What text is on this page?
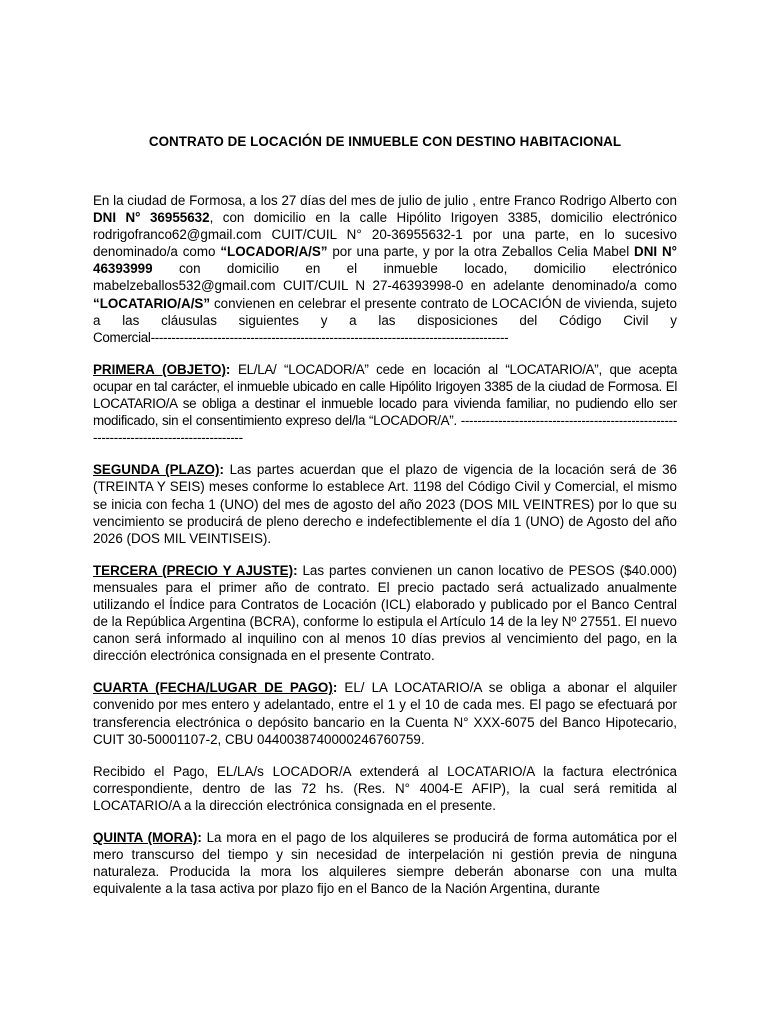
CONTRATO DE LOCACIÓN DE INMUEBLE CON DESTINO HABITACIONAL

En la ciudad de Formosa, a los 27 días del mes de julio de julio , entre Franco Rodrigo Alberto con DNI N° 36955632, con domicilio en la calle Hipólito Irigoyen 3385, domicilio electrónico rodrigofranco62@gmail.com CUIT/CUIL N° 20-36955632-1 por una parte, en lo sucesivo denominado/a como “LOCADOR/A/S” por una parte, y por la otra Zeballos Celia Mabel DNI N° 46393999 con domicilio en el inmueble locado, domicilio electrónico mabelzeballos532@gmail.com CUIT/CUIL N 27-46393998-0 en adelante denominado/a como “LOCATARIO/A/S” convienen en celebrar el presente contrato de LOCACIÓN de vivienda, sujeto a las cláusulas siguientes y a las disposiciones del Código Civil y Comercial--------------------------------------------------------------------------------------

PRIMERA (OBJETO): EL/LA/ “LOCADOR/A” cede en locación al “LOCATARIO/A”, que acepta ocupar en tal carácter, el inmueble ubicado en calle Hipólito Irigoyen 3385 de la ciudad de Formosa. El LOCATARIO/A se obliga a destinar el inmueble locado para vivienda familiar, no pudiendo ello ser modificado, sin el consentimiento expreso del/la “LOCADOR/A”. ----------------------------------------------------------------------------------------

SEGUNDA (PLAZO): Las partes acuerdan que el plazo de vigencia de la locación será de 36 (TREINTA Y SEIS) meses conforme lo establece Art. 1198 del Código Civil y Comercial, el mismo se inicia con fecha 1 (UNO) del mes de agosto del año 2023 (DOS MIL VEINTRES) por lo que su vencimiento se producirá de pleno derecho e indefectiblemente el día 1 (UNO) de Agosto del año 2026 (DOS MIL VEINTISEIS).

TERCERA (PRECIO Y AJUSTE): Las partes convienen un canon locativo de PESOS ($40.000) mensuales para el primer año de contrato. El precio pactado será actualizado anualmente utilizando el Índice para Contratos de Locación (ICL) elaborado y publicado por el Banco Central de la República Argentina (BCRA), conforme lo estipula el Artículo 14 de la ley Nº 27551. El nuevo canon será informado al inquilino con al menos 10 días previos al vencimiento del pago, en la dirección electrónica consignada en el presente Contrato.

CUARTA (FECHA/LUGAR DE PAGO): EL/ LA LOCATARIO/A se obliga a abonar el alquiler convenido por mes entero y adelantado, entre el 1 y el 10 de cada mes. El pago se efectuará por transferencia electrónica o depósito bancario en la Cuenta N° XXX-6075 del Banco Hipotecario, CUIT 30-50001107-2, CBU 0440038740000246760759.

Recibido el Pago, EL/LA/s LOCADOR/A extenderá al LOCATARIO/A la factura electrónica correspondiente, dentro de las 72 hs. (Res. N° 4004-E AFIP), la cual será remitida al LOCATARIO/A a la dirección electrónica consignada en el presente.

QUINTA (MORA): La mora en el pago de los alquileres se producirá de forma automática por el mero transcurso del tiempo y sin necesidad de interpelación ni gestión previa de ninguna naturaleza. Producida la mora los alquileres siempre deberán abonarse con una multa equivalente a la tasa activa por plazo fijo en el Banco de la Nación Argentina, durante
